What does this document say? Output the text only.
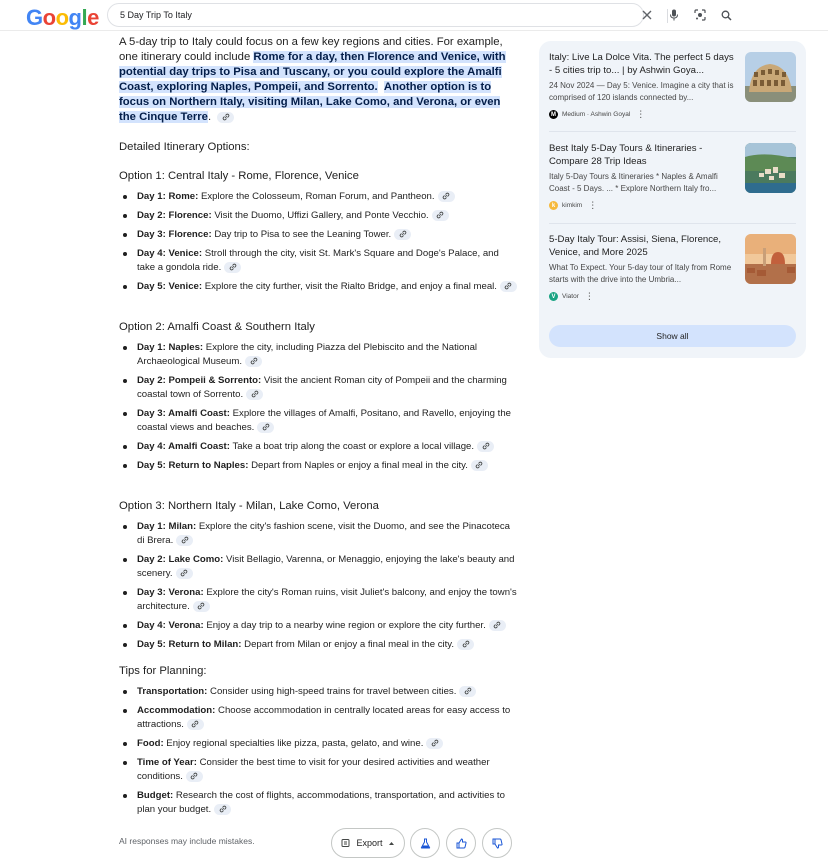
Google
5 Day Trip To Italy

A 5-day trip to Italy could focus on a few key regions and cities. For example, one itinerary could include Rome for a day, then Florence and Venice, with potential day trips to Pisa and Tuscany, or you could explore the Amalfi Coast, exploring Naples, Pompeii, and Sorrento. Another option is to focus on Northern Italy, visiting Milan, Lake Como, and Verona, or even the Cinque Terre.

Detailed Itinerary Options:
Option 1: Central Italy - Rome, Florence, Venice
Day 1: Rome: Explore the Colosseum, Roman Forum, and Pantheon.
Day 2: Florence: Visit the Duomo, Uffizi Gallery, and Ponte Vecchio.
Day 3: Florence: Day trip to Pisa to see the Leaning Tower.
Day 4: Venice: Stroll through the city, visit St. Mark's Square and Doge's Palace, and take a gondola ride.
Day 5: Venice: Explore the city further, visit the Rialto Bridge, and enjoy a final meal.
Option 2: Amalfi Coast & Southern Italy
Day 1: Naples: Explore the city, including Piazza del Plebiscito and the National Archaeological Museum.
Day 2: Pompeii & Sorrento: Visit the ancient Roman city of Pompeii and the charming coastal town of Sorrento.
Day 3: Amalfi Coast: Explore the villages of Amalfi, Positano, and Ravello, enjoying the coastal views and beaches.
Day 4: Amalfi Coast: Take a boat trip along the coast or explore a local village.
Day 5: Return to Naples: Depart from Naples or enjoy a final meal in the city.
Option 3: Northern Italy - Milan, Lake Como, Verona
Day 1: Milan: Explore the city's fashion scene, visit the Duomo, and see the Pinacoteca di Brera.
Day 2: Lake Como: Visit Bellagio, Varenna, or Menaggio, enjoying the lake's beauty and scenery.
Day 3: Verona: Explore the city's Roman ruins, visit Juliet's balcony, and enjoy the town's architecture.
Day 4: Verona: Enjoy a day trip to a nearby wine region or explore the city further.
Day 5: Return to Milan: Depart from Milan or enjoy a final meal in the city.
Tips for Planning:
Transportation: Consider using high-speed trains for travel between cities.
Accommodation: Choose accommodation in centrally located areas for easy access to attractions.
Food: Enjoy regional specialties like pizza, pasta, gelato, and wine.
Time of Year: Consider the best time to visit for your desired activities and weather conditions.
Budget: Research the cost of flights, accommodations, transportation, and activities to plan your budget.
Italy: Live La Dolce Vita. The perfect 5 days - 5 cities trip to... | by Ashwin Goya...
24 Nov 2024 — Day 5: Venice. Imagine a city that is comprised of 120 islands connected by...
M Medium · Ashwin Goyal ⋮
Best Italy 5-Day Tours & Itineraries - Compare 28 Trip Ideas
Italy 5-Day Tours & Itineraries * Naples & Amalfi Coast - 5 Days. ... * Explore Northern Italy fro...
k	kimkim ⋮
5-Day Italy Tour: Assisi, Siena, Florence, Venice, and More 2025
What To Expect. Your 5-day tour of Italy from Rome starts with the drive into the Umbria...
V	Viator ⋮
Show all
AI responses may include mistakes.	Export
